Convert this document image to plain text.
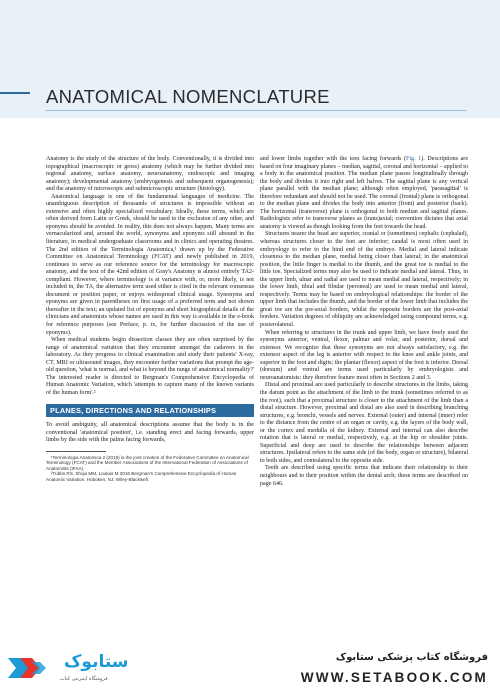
ANATOMICAL NOMENCLATURE

Anatomy is the study of the structure of the body. Conventionally, it is divided into topographical (macroscopic or gross) anatomy (which may be further divided into regional anatomy, surface anatomy, neuroanatomy, endoscopic and imaging anatomy); developmental anatomy (embryogenesis and subsequent organogenesis); and the anatomy of microscopic and submicroscopic structure (histology).

Anatomical language is one of the fundamental languages of medicine. The unambiguous description of thousands of structures is impossible without an extensive and often highly specialized vocabulary. Ideally, these terms, which are often derived from Latin or Greek, should be used to the exclusion of any other, and eponyms should be avoided. In reality, this does not always happen. Many terms are vernacularized and, around the world, synonyms and eponyms still abound in the literature, in medical undergraduate classrooms and in clinics and operating theatres. The 2nd edition of the Terminologia Anatomica,¹ drawn up by the Federative Committee on Anatomical Terminology (FCAT) and newly published in 2019, continues to serve as our reference source for the terminology for macroscopic anatomy, and the text of the 42nd edition of Gray's Anatomy is almost entirely TA2-compliant. However, where terminology is at variance with, or, more likely, is not included in, the TA, the alternative term used either is cited in the relevant consensus document or position paper, or enjoys widespread clinical usage. Synonyms and eponyms are given in parentheses on first usage of a preferred term and not shown thereafter in the text; an updated list of eponyms and short biographical details of the clinicians and anatomists whose names are used in this way is available in the e-book for reference purposes (see Preface, p. ix, for further discussion of the use of eponyms).

When medical students begin dissection classes they are often surprised by the range of anatomical variation that they encounter amongst the cadavers in the laboratory. As they progress to clinical examination and study their patients' X-ray, CT, MRI or ultrasound images, they encounter further variations that prompt the age-old question, 'what is normal, and what is beyond the range of anatomical normality?' The interested reader is directed to Bergman's Comprehensive Encyclopedia of Human Anatomic Variation, which 'attempts to capture many of the known variants of the human form'.²

PLANES, DIRECTIONS AND RELATIONSHIPS

To avoid ambiguity, all anatomical descriptions assume that the body is in the conventional 'anatomical position', i.e. standing erect and facing forwards, upper limbs by the side with the palms facing forwards,

¹Terminologia Anatomica 2 (2019) is the joint creation of the Federative Committee on Anatomical Terminology (FCAT) and the Member Associations of the International Federation of Associations of Anatomists (IFAA).

²Tubbs RS, Shoja MM, Loukas M 2016 Bergman's Comprehensive Encyclopedia of Human Anatomic Variation. Hoboken, NJ: Wiley-Blackwell.

and lower limbs together with the toes facing forwards (Fig. 1). Descriptions are based on four imaginary planes – median, sagittal, coronal and horizontal – applied to a body in the anatomical position. The median plane passes longitudinally through the body and divides it into right and left halves. The sagittal plane is any vertical plane parallel with the median plane; although often employed, 'parasagittal' is therefore redundant and should not be used. The coronal (frontal) plane is orthogonal to the median plane and divides the body into anterior (front) and posterior (back). The horizontal (transverse) plane is orthogonal to both median and sagittal planes. Radiologists refer to transverse planes as (trans)axial; convention dictates that axial anatomy is viewed as though looking from the feet towards the head.

Structures nearer the head are superior, cranial or (sometimes) cephalic (cephalad), whereas structures closer to the feet are inferior; caudal is most often used in embryology to refer to the hind end of the embryo. Medial and lateral indicate closeness to the median plane, medial being closer than lateral; in the anatomical position, the little finger is medial to the thumb, and the great toe is medial to the little toe. Specialized terms may also be used to indicate medial and lateral. Thus, in the upper limb, ulnar and radial are used to mean medial and lateral, respectively; in the lower limb, tibial and fibular (peroneal) are used to mean medial and lateral, respectively. Terms may be based on embryological relationships: the border of the upper limb that includes the thumb, and the border of the lower limb that includes the great toe are the pre-axial borders, whilst the opposite borders are the post-axial borders. Variation degrees of obliquity are acknowledged using compound terms, e.g. posterolateral.

When referring to structures in the trunk and upper limb, we have freely used the synonyms anterior, ventral, flexor, palmar and volar, and posterior, dorsal and extensor. We recognize that these synonyms are not always satisfactory, e.g. the extensor aspect of the leg is anterior with respect to the knee and ankle joints, and superior in the foot and digits; the plantar (flexor) aspect of the foot is inferior. Dorsal (dorsum) and ventral are terms used particularly by embryologists and neuroanatomists: they therefore feature most often in Sections 2 and 3.

Distal and proximal are used particularly to describe structures in the limbs, taking the datum point as the attachment of the limb to the trunk (sometimes referred to as the root), such that a proximal structure is closer to the attachment of the limb than a distal structure. However, proximal and distal are also used in describing branching structures, e.g. bronchi, vessels and nerves. External (outer) and internal (inner) refer to the distance from the centre of an organ or cavity, e.g. the layers of the body wall, or the cortex and medulla of the kidney. External and internal can also describe rotation that is lateral or medial, respectively, e.g. at the hip or shoulder joints. Superficial and deep are used to describe the relationships between adjacent structures. Ipsilateral refers to the same side (of the body, organ or structure), bilateral to both sides, and contralateral to the opposite side.

Teeth are described using specific terms that indicate their relationship to their neighbours and to their position within the dental arch; these terms are described on page 646.

ستابوک
فروشگاه اینترنتی کتاب
فروشگاه کتاب پزشکی ستابوک
WWW.SETABOOK.COM
